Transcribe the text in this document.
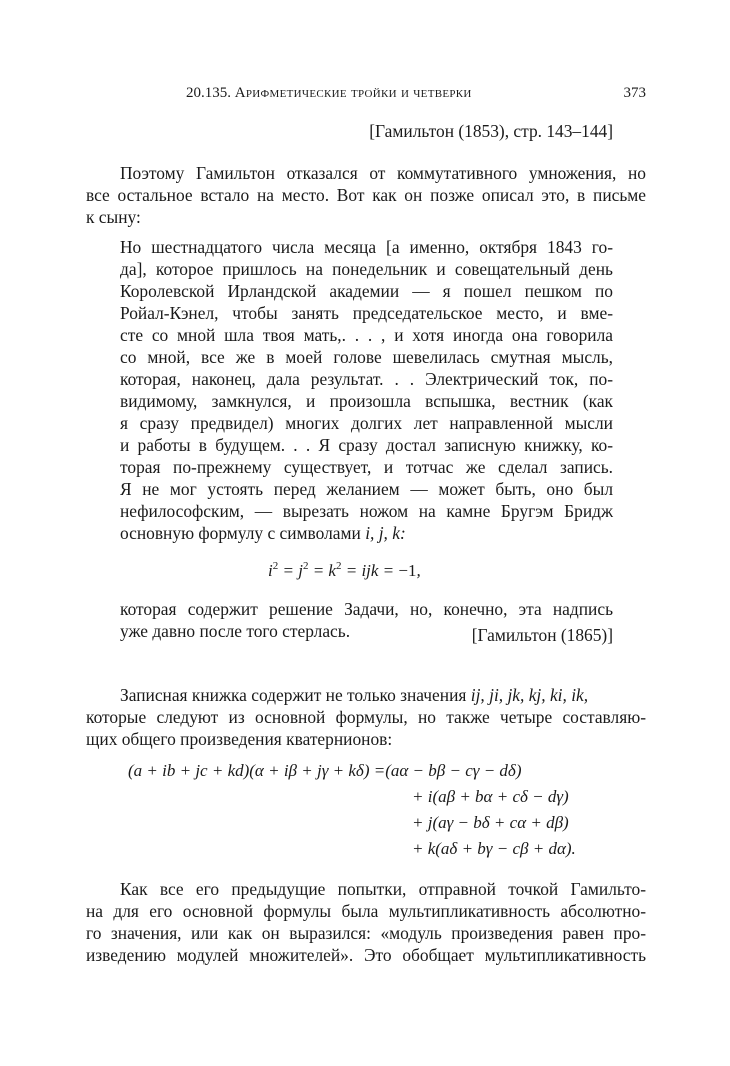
20.135. Арифметические тройки и четверки	373
[Гамильтон (1853), стр. 143–144]
Поэтому Гамильтон отказался от коммутативного умножения, но
все остальное встало на место. Вот как он позже описал это, в письме
к сыну:
Но шестнадцатого числа месяца [а именно, октября 1843 го-
да], которое пришлось на понедельник и совещательный день
Королевской Ирландской академии — я пошел пешком по
Ройал-Кэнел, чтобы занять председательское место, и вме-
сте со мной шла твоя мать,. . . , и хотя иногда она говорила
со мной, все же в моей голове шевелилась смутная мысль,
которая, наконец, дала результат. . . Электрический ток, по-
видимому, замкнулся, и произошла вспышка, вестник (как
я сразу предвидел) многих долгих лет направленной мысли
и работы в будущем. . . Я сразу достал записную книжку, ко-
торая по-прежнему существует, и тотчас же сделал запись.
Я не мог устоять перед желанием — может быть, оно был
нефилософским, — вырезать ножом на камне Бругэм Бридж
основную формулу с символами i, j, k:
$i^2 = j^2 = k^2$ = ijk = −1,
которая содержит решение Задачи, но, конечно, эта надпись
уже давно после того стерлась.	[Гамильтон (1865)]
Записная книжка содержит не только значения ij, ji, jk, kj, ki, ik,
которые следуют из основной формулы, но также четыре составляю-
щих общего произведения кватернионов:
(a + ib + jc + kd)(α + iβ + jγ + kδ) =(aα − bβ − cγ − dδ)
+ i(aβ + bα + cδ − dγ)
+ j(aγ − bδ + cα + dβ)
+ k(aδ + bγ − cβ + dα).
Как все его предыдущие попытки, отправной точкой Гамильто-
на для его основной формулы была мультипликативность абсолютно-
го значения, или как он выразился: «модуль произведения равен про-
изведению модулей множителей». Это обобщает мультипликативность
